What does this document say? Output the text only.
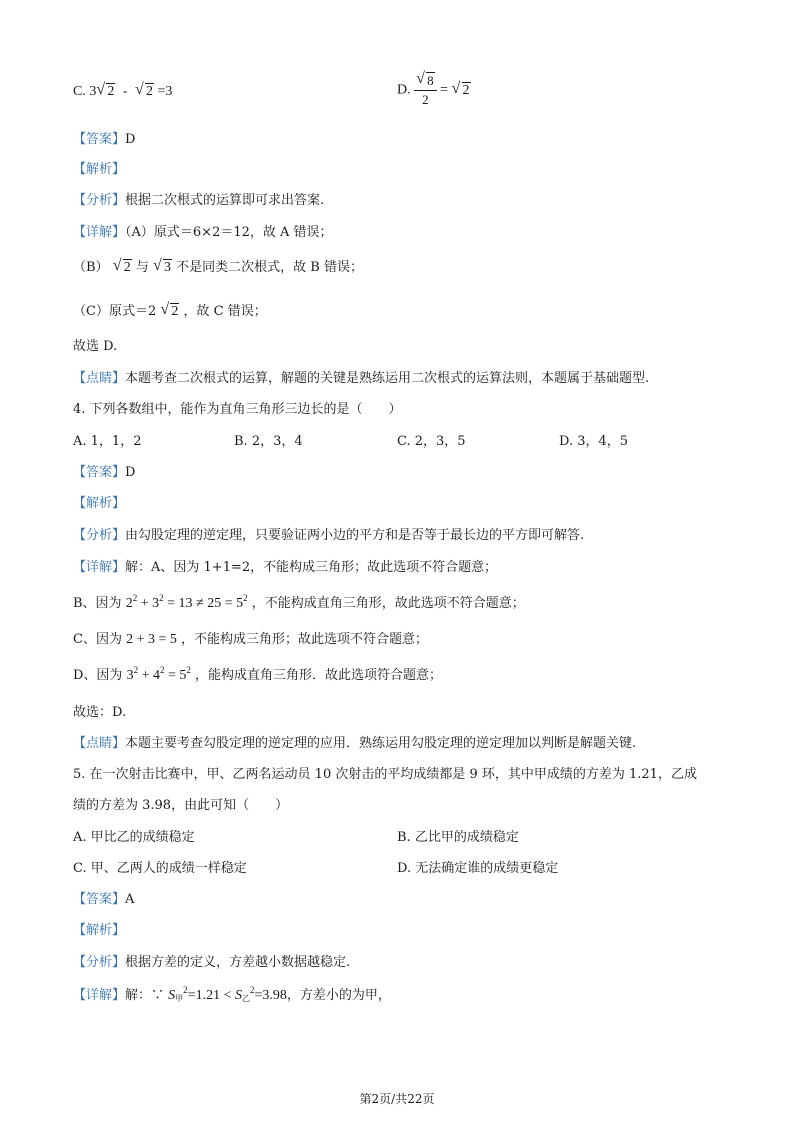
C. 3 √ 2 - √ 2 =3	D. √ $\frac{8}{2}$ = √ 2
【答案】D
【解析】
【分析】根据二次根式的运算即可求出答案.
【详解】（A）原式＝6×2＝12，故 A 错误；
（B） √ 2 与 √ 3 不是同类二次根式，故 B 错误；
（C）原式＝2 √ 2 ，故 C 错误；
故选 D.
【点睛】本题考查二次根式的运算，解题的关键是熟练运用二次根式的运算法则，本题属于基础题型.
4. 下列各数组中，能作为直角三角形三边长的是（　　）
A. 1，1，2	B. 2，3，4	C. 2，3，5	D. 3，4，5
【答案】D
【解析】
【分析】由勾股定理的逆定理，只要验证两小边的平方和是否等于最长边的平方即可解答.
【详解】解：A、因为 1+1=2，不能构成三角形；故此选项不符合题意；
B、因为 $2^2 + 3^2 = 13 \ne 25 = 5^2$ ，不能构成直角三角形，故此选项不符合题意；
C、因为 2 + 3 = 5 ，不能构成三角形；故此选项不符合题意；
D、因为 $3^2 + 4^2 = 5^2$ ，能构成直角三角形．故此选项符合题意；
故选：D.
【点睛】本题主要考查勾股定理的逆定理的应用．熟练运用勾股定理的逆定理加以判断是解题关键.
5. 在一次射击比赛中，甲、乙两名运动员 10 次射击的平均成绩都是 9 环，其中甲成绩的方差为 1.21，乙成
绩的方差为 3.98，由此可知（　　）
A. 甲比乙的成绩稳定	B. 乙比甲的成绩稳定
C. 甲、乙两人的成绩一样稳定	D. 无法确定谁的成绩更稳定
【答案】A
【解析】
【分析】根据方差的定义，方差越小数据越稳定.
【详解】解：∵ $S_甲^2=1.21 < S_乙^2=3.98$，方差小的为甲，
第2页/共22页
